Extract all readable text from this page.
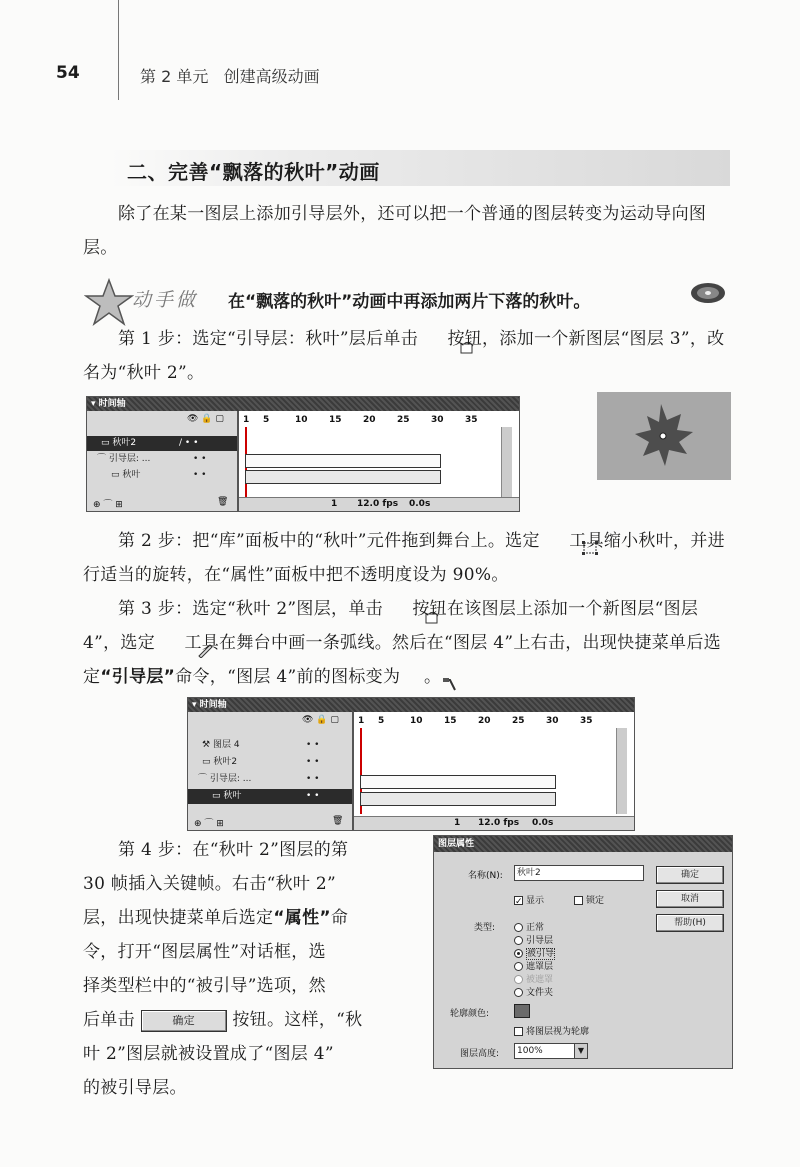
54	第 2 单元   创建高级动画
二、完善“飘落的秋叶”动画
除了在某一图层上添加引导层外，还可以把一个普通的图层转变为运动导向图层。
动手做 在“飘落的秋叶”动画中再添加两片下落的秋叶。
第 1 步：选定“引导层：秋叶”层后单击 按钮，添加一个新图层“图层 3”，改名为“秋叶 2”。
▾ 时间轴
👁 🔒 ▢
▭ 秋叶2	/ • •
⌒ 引导层: ...	• •
▭ 秋叶	• •
⊕ ⌒ ⊞	🗑
1 5	10 15 20 25 30 35
1 12.0 fps 0.0s
第 2 步：把“库”面板中的“秋叶”元件拖到舞台上。选定 工具缩小秋叶，并进行适当的旋转，在“属性”面板中把不透明度设为 90%。
第 3 步：选定“秋叶 2”图层，单击 按钮在该图层上添加一个新图层“图层 4”，选定 工具在舞台中画一条弧线。然后在“图层 4”上右击，出现快捷菜单后选定“引导层”命令，“图层 4”前的图标变为 。
▾ 时间轴
👁 🔒 ▢
⚒ 图层 4	• •
▭ 秋叶2	• •
⌒ 引导层: ...	• •
▭ 秋叶	• •
⊕ ⌒ ⊞	🗑
1 5	10 15 20 25 30 35
1 12.0 fps 0.0s
第 4 步：在“秋叶 2”图层的第
30 帧插入关键帧。右击“秋叶 2”
层，出现快捷菜单后选定“属性”命
令，打开“图层属性”对话框，选
择类型栏中的“被引导”选项，然
后单击	确定 按钮。这样，“秋
叶 2”图层就被设置成了“图层 4”
的被引导层。
图层属性
名称(N):	秋叶2
✓ 显示	锁定
类型:	正常
引导层
被引导
遮罩层
被遮罩
文件夹
轮廓颜色:
将图层视为轮廓
图层高度:	100%	▼
确定
取消
帮助(H)
